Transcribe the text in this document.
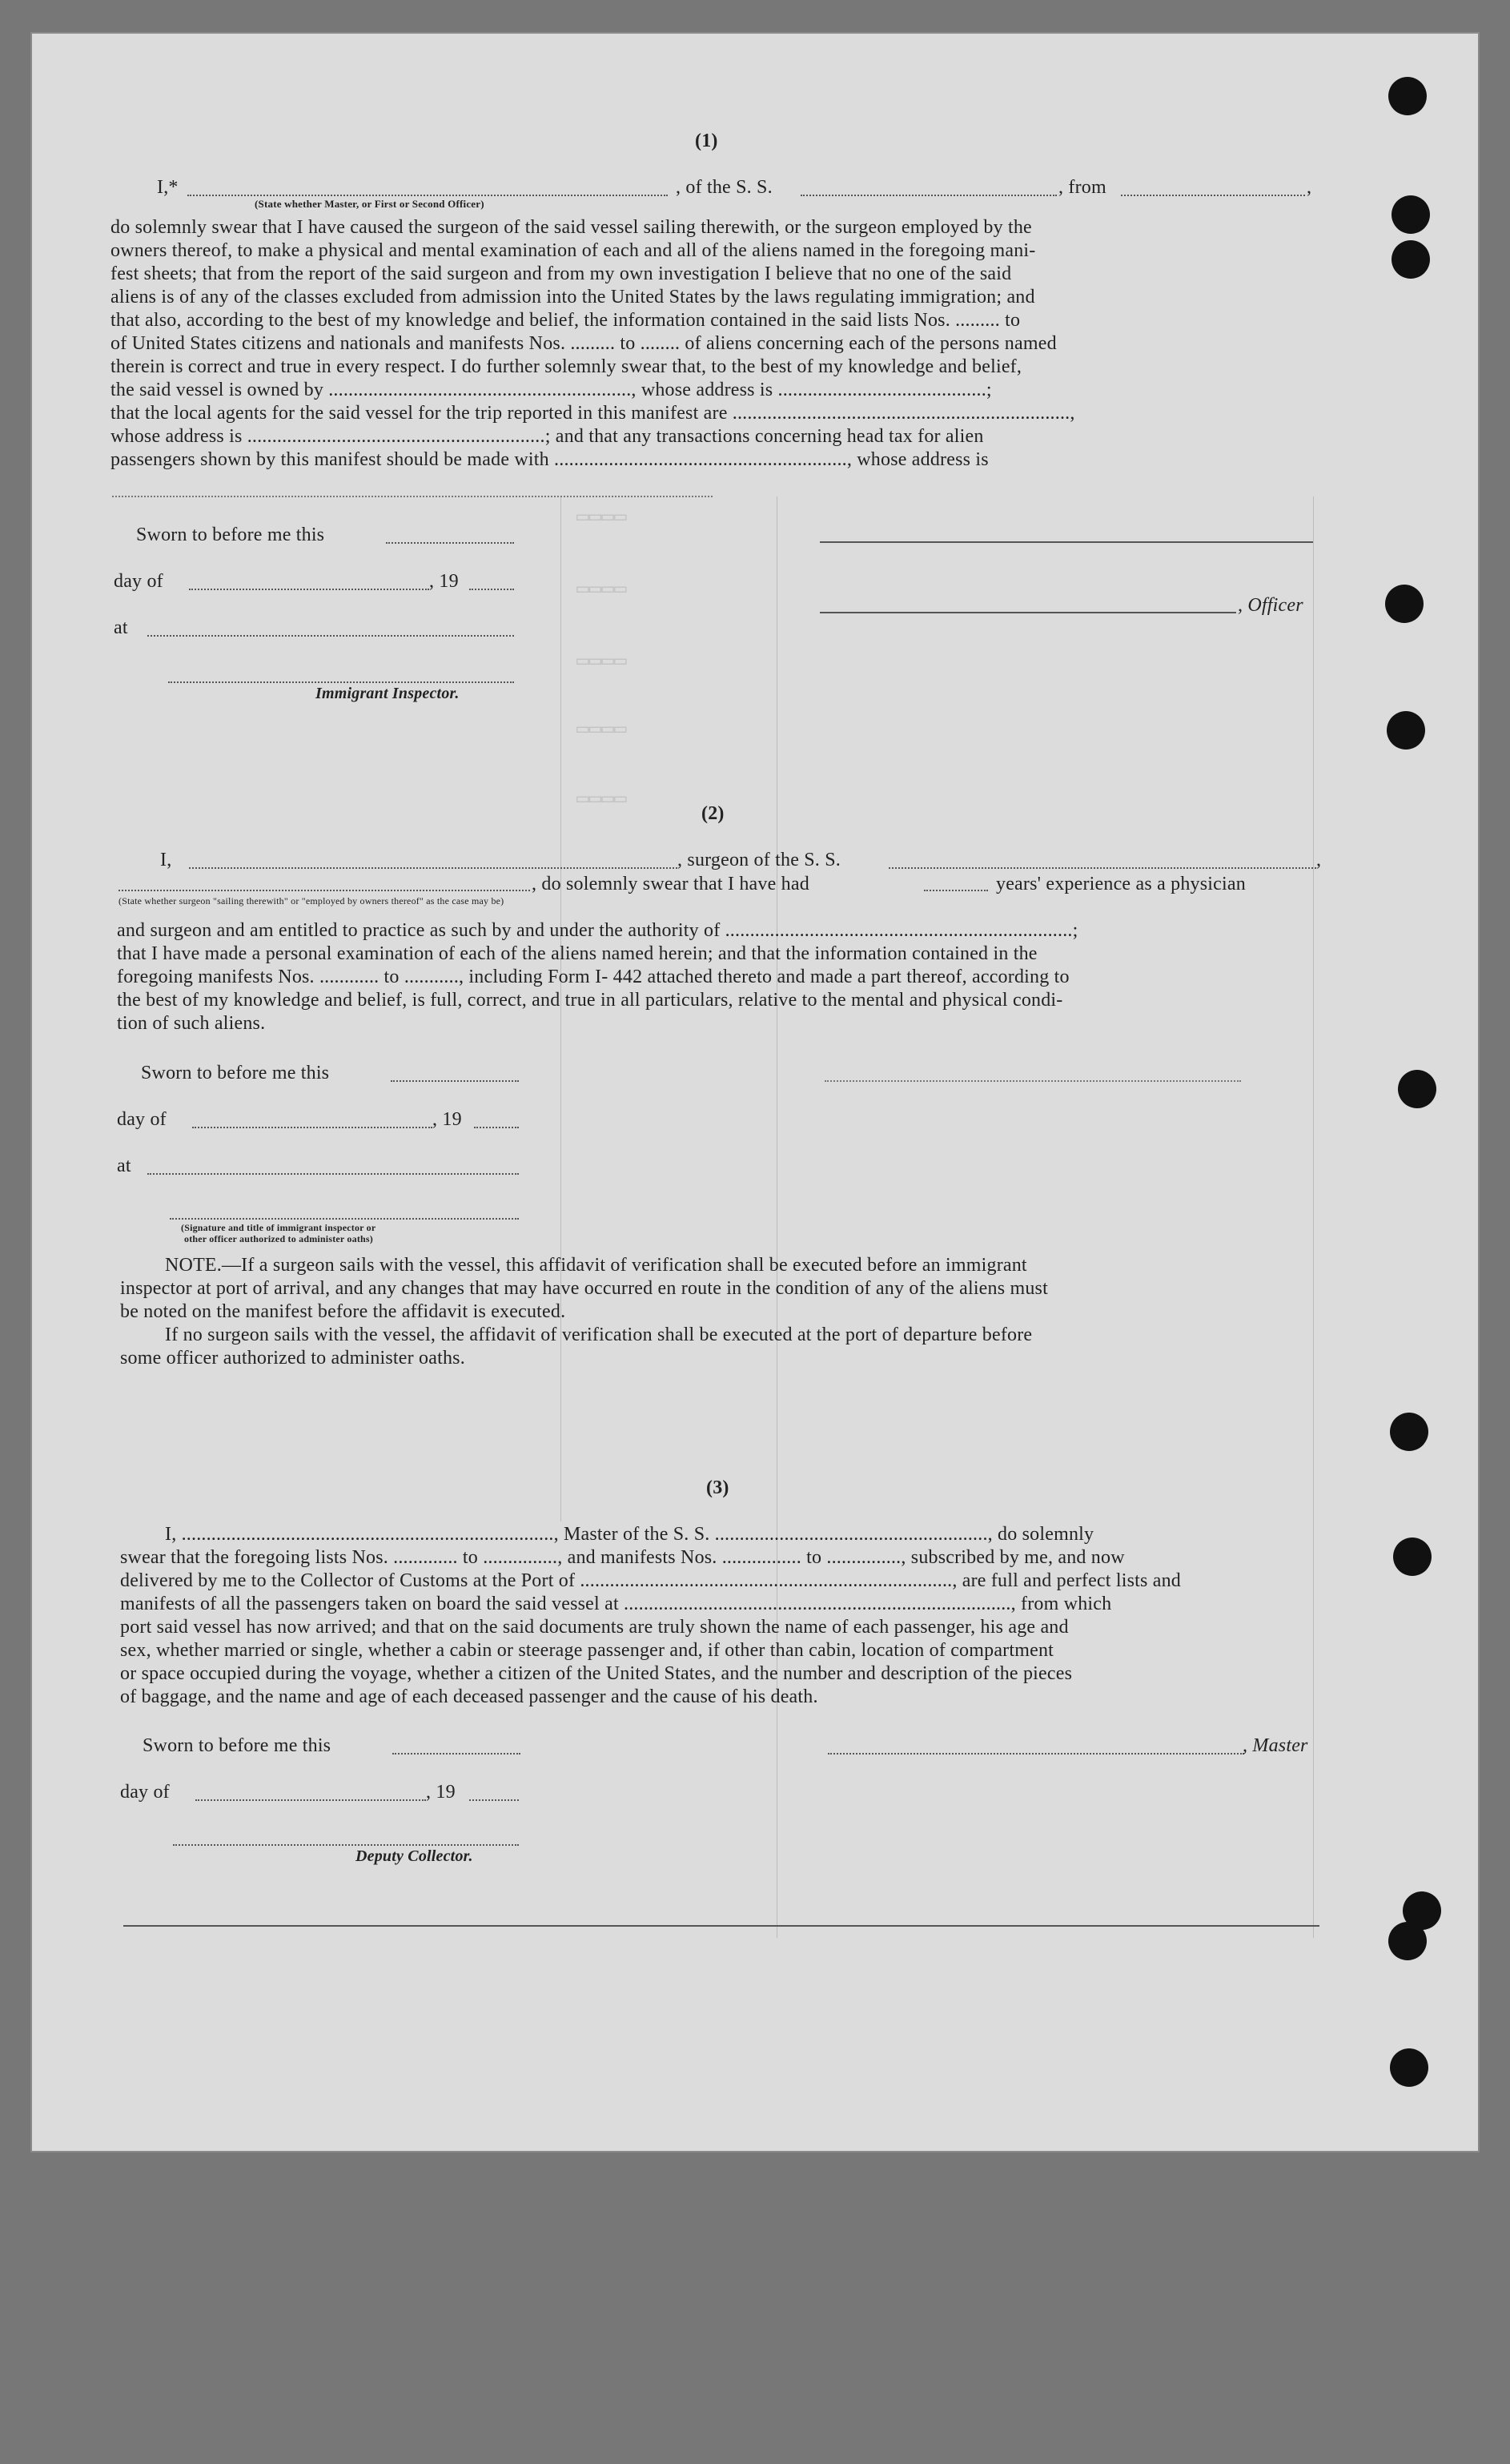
(1)
I,*	, of the S. S.	, from	,
(State whether Master, or First or Second Officer)
do solemnly swear that I have caused the surgeon of the said vessel sailing therewith, or the surgeon employed by the
owners thereof, to make a physical and mental examination of each and all of the aliens named in the foregoing mani-
fest sheets; that from the report of the said surgeon and from my own investigation I believe that no one of the said
aliens is of any of the classes excluded from admission into the United States by the laws regulating immigration; and
that also, according to the best of my knowledge and belief, the information contained in the said lists Nos. ......... to
of United States citizens and nationals and manifests Nos. ......... to ........ of aliens concerning each of the persons named
therein is correct and true in every respect. I do further solemnly swear that, to the best of my knowledge and belief,
the said vessel is owned by ............................................................., whose address is ..........................................;
that the local agents for the said vessel for the trip reported in this manifest are ....................................................................,
whose address is ............................................................; and that any transactions concerning head tax for alien
passengers shown by this manifest should be made with ..........................................................., whose address is
Sworn to before me this
day of	, 19
, Officer
at
Immigrant Inspector.
▭▭▭▭
▭▭▭▭
▭▭▭▭
▭▭▭▭
▭▭▭▭
(2)
I,	, surgeon of the S. S.	,
, do solemnly swear that I have had	years' experience as a physician
(State whether surgeon "sailing therewith" or "employed by owners thereof" as the case may be)
and surgeon and am entitled to practice as such by and under the authority of ......................................................................;
that I have made a personal examination of each of the aliens named herein; and that the information contained in the
foregoing manifests Nos. ............ to ..........., including Form I- 442 attached thereto and made a part thereof, according to
the best of my knowledge and belief, is full, correct, and true in all particulars, relative to the mental and physical condi-
tion of such aliens.
Sworn to before me this
day of	, 19
at
(Signature and title of immigrant inspector or
other officer authorized to administer oaths)
NOTE.—If a surgeon sails with the vessel, this affidavit of verification shall be executed before an immigrant
inspector at port of arrival, and any changes that may have occurred en route in the condition of any of the aliens must
be noted on the manifest before the affidavit is executed.
If no surgeon sails with the vessel, the affidavit of verification shall be executed at the port of departure before
some officer authorized to administer oaths.
(3)
I, ..........................................................................., Master of the S. S. ......................................................., do solemnly
swear that the foregoing lists Nos. ............. to ..............., and manifests Nos. ................ to ..............., subscribed by me, and now
delivered by me to the Collector of Customs at the Port of ..........................................................................., are full and perfect lists and
manifests of all the passengers taken on board the said vessel at .............................................................................., from which
port said vessel has now arrived; and that on the said documents are truly shown the name of each passenger, his age and
sex, whether married or single, whether a cabin or steerage passenger and, if other than cabin, location of compartment
or space occupied during the voyage, whether a citizen of the United States, and the number and description of the pieces
of baggage, and the name and age of each deceased passenger and the cause of his death.
Sworn to before me this	, Master
day of	, 19
Deputy Collector.
